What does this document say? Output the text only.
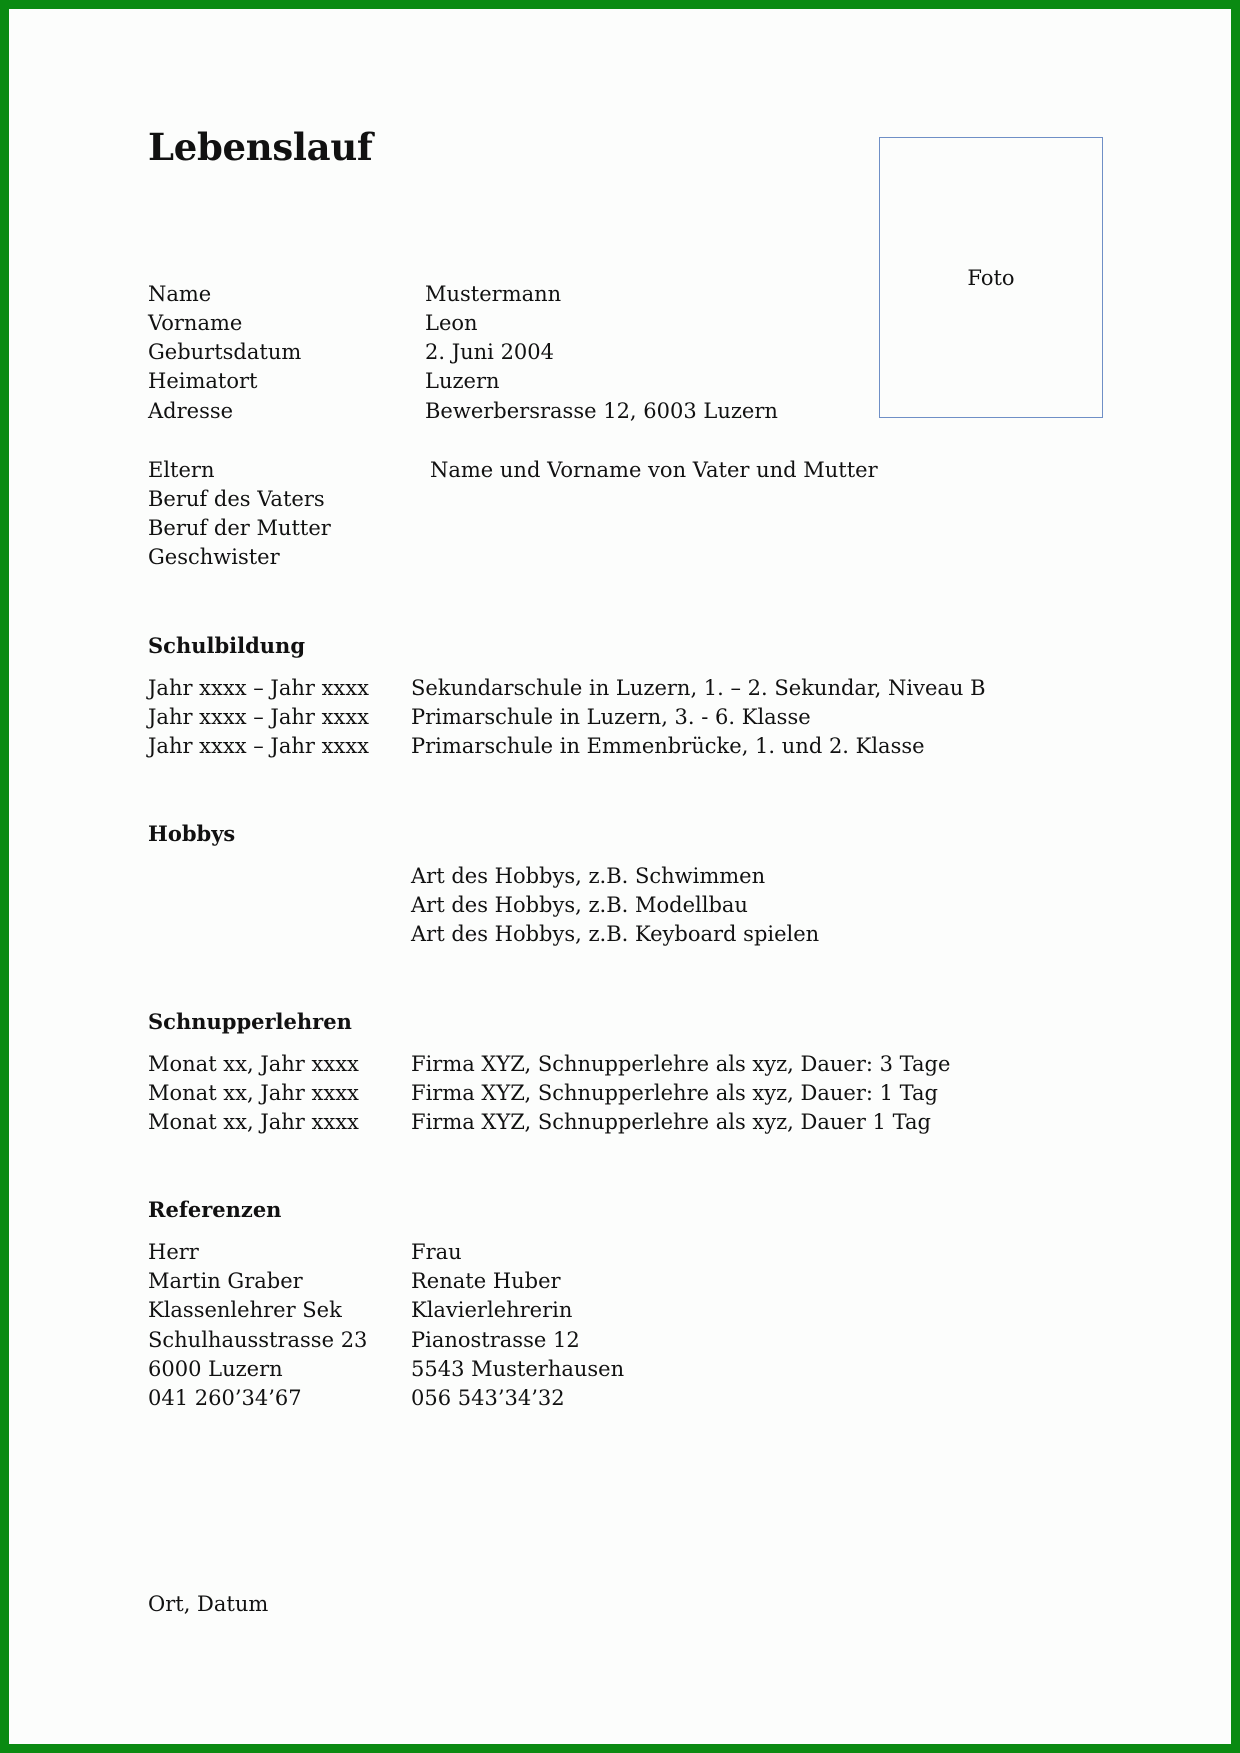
Lebenslauf
Foto
Name	Mustermann
Vorname	Leon
Geburtsdatum	2. Juni 2004
Heimatort	Luzern
Adresse	Bewerbersrasse 12, 6003 Luzern
Eltern	Name und Vorname von Vater und Mutter
Beruf des Vaters
Beruf der Mutter
Geschwister
Schulbildung
Jahr xxxx – Jahr xxxx Sekundarschule in Luzern, 1. – 2. Sekundar, Niveau B
Jahr xxxx – Jahr xxxx Primarschule in Luzern, 3. - 6. Klasse
Jahr xxxx – Jahr xxxx Primarschule in Emmenbrücke, 1. und 2. Klasse
Hobbys
Art des Hobbys, z.B. Schwimmen
Art des Hobbys, z.B. Modellbau
Art des Hobbys, z.B. Keyboard spielen
Schnupperlehren
Monat xx, Jahr xxxx Firma XYZ, Schnupperlehre als xyz, Dauer: 3 Tage
Monat xx, Jahr xxxx Firma XYZ, Schnupperlehre als xyz, Dauer: 1 Tag
Monat xx, Jahr xxxx Firma XYZ, Schnupperlehre als xyz, Dauer 1 Tag
Referenzen
Herr	Frau
Martin Graber	Renate Huber
Klassenlehrer Sek	Klavierlehrerin
Schulhausstrasse 23 Pianostrasse 12
6000 Luzern	5543 Musterhausen
041 260’34’67	056 543’34’32
Ort, Datum
